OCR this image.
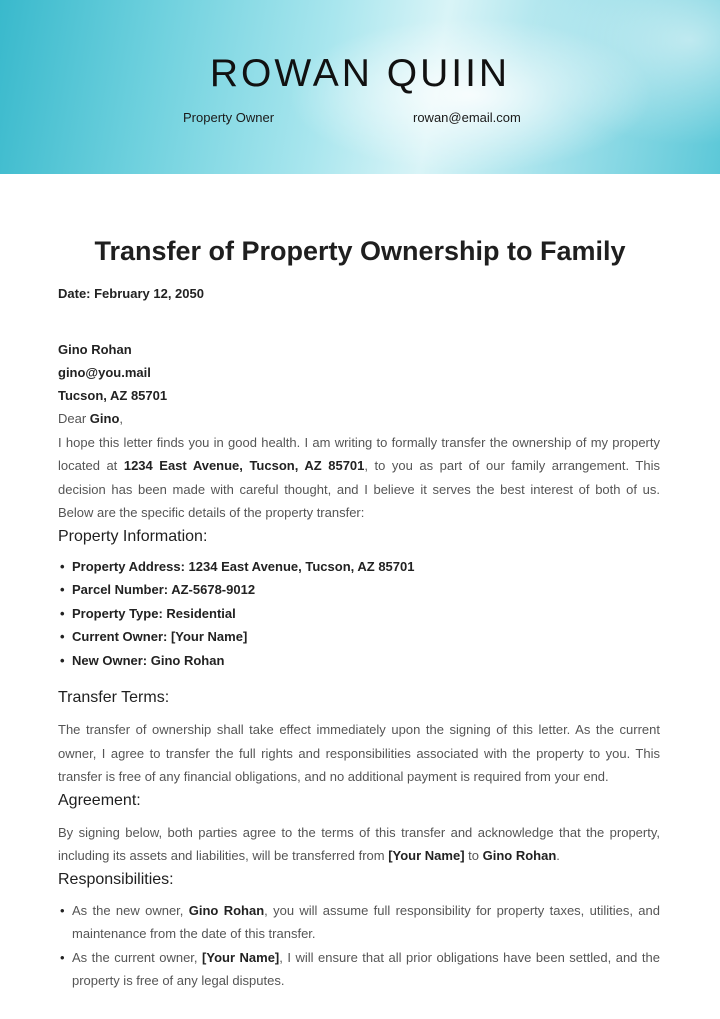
ROWAN QUIIN
Property Owner	rowan@email.com
Transfer of Property Ownership to Family
Date: February 12, 2050
Gino Rohan
gino@you.mail
Tucson, AZ 85701
Dear Gino,

I hope this letter finds you in good health. I am writing to formally transfer the ownership of my property located at 1234 East Avenue, Tucson, AZ 85701, to you as part of our family arrangement. This decision has been made with careful thought, and I believe it serves the best interest of both of us. Below are the specific details of the property transfer:

Property Information:
• Property Address: 1234 East Avenue, Tucson, AZ 85701
• Parcel Number: AZ-5678-9012
• Property Type: Residential
• Current Owner: [Your Name]
• New Owner: Gino Rohan
Transfer Terms:

The transfer of ownership shall take effect immediately upon the signing of this letter. As the current owner, I agree to transfer the full rights and responsibilities associated with the property to you. This transfer is free of any financial obligations, and no additional payment is required from your end.

Agreement:

By signing below, both parties agree to the terms of this transfer and acknowledge that the property, including its assets and liabilities, will be transferred from [Your Name] to Gino Rohan.

Responsibilities:
• As the new owner, Gino Rohan, you will assume full responsibility for property taxes, utilities, and maintenance from the date of this transfer.
• As the current owner, [Your Name], I will ensure that all prior obligations have been settled, and the property is free of any legal disputes.
